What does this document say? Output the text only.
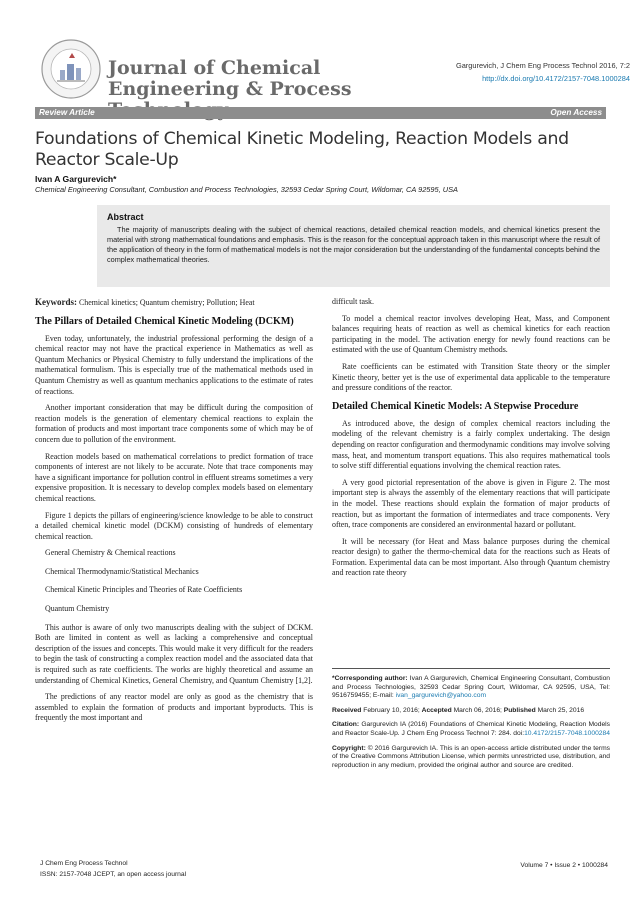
Journal of Chemical Engineering & Process
Gargurevich, J Chem Eng Process Technol 2016, 7:2
http://dx.doi.org/10.4172/2157-7048.1000284
Review Article	Open Access
Foundations of Chemical Kinetic Modeling, Reaction Models and Reactor Scale-Up
Ivan A Gargurevich*
Chemical Engineering Consultant, Combustion and Process Technologies, 32593 Cedar Spring Court, Wildomar, CA 92595, USA
Abstract

The majority of manuscripts dealing with the subject of chemical reactions, detailed chemical reaction models, and chemical kinetics present the material with strong mathematical foundations and emphasis. This is the reason for the conceptual approach taken in this manuscript where the result of the application of theory in the form of mathematical models is not the major consideration but the understanding of the fundamental concepts behind the complex mathematical theories.

Keywords: Chemical kinetics; Quantum chemistry; Pollution; Heat

The Pillars of Detailed Chemical Kinetic Modeling (DCKM)

Even today, unfortunately, the industrial professional performing the design of a chemical reactor may not have the practical experience in Mathematics as well as Quantum Mechanics or Physical Chemistry to fully understand the implications of the mathematical formulism. This is especially true of the mathematical methods used in Quantum Chemistry as well as quantum mechanics applications to the estimate of rates of reactions.

Another important consideration that may be difficult during the composition of reaction models is the generation of elementary chemical reactions to explain the formation of products and most important trace components some of which may be of concern due to pollution of the environment.

Reaction models based on mathematical correlations to predict formation of trace components of interest are not likely to be accurate. Note that trace components may have a significant importance for pollution control in effluent streams sometimes a very expensive proposition. It is necessary to develop complex models based on elementary chemical reactions.

Figure 1 depicts the pillars of engineering/science knowledge to be able to construct a detailed chemical kinetic model (DCKM) consisting of hundreds of elementary chemical reaction.

General Chemistry & Chemical reactions
Chemical Thermodynamic/Statistical Mechanics
Chemical Kinetic Principles and Theories of Rate Coefficients
Quantum Chemistry

This author is aware of only two manuscripts dealing with the subject of DCKM. Both are limited in content as well as lacking a comprehensive and conceptual description of the issues and concepts. This would make it very difficult for the readers to begin the task of constructing a complex reaction model and the associated data that is required such as rate coefficients. The works are highly theoretical and assume an understanding of Chemical Kinetics, General Chemistry, and Quantum Chemistry [1,2].

The predictions of any reactor model are only as good as the chemistry that is assembled to explain the formation of products and important byproducts. This is frequently the most important and

difficult task.

To model a chemical reactor involves developing Heat, Mass, and Component balances requiring heats of reaction as well as chemical kinetics for each reaction participating in the model. The activation energy for newly found reactions can be estimated with the use of Quantum Chemistry methods.

Rate coefficients can be estimated with Transition State theory or the simpler Kinetic theory, better yet is the use of experimental data applicable to the temperature and pressure conditions of the reactor.

Detailed Chemical Kinetic Models: A Stepwise Procedure

As introduced above, the design of complex chemical reactors including the modeling of the relevant chemistry is a fairly complex undertaking. The design depending on reactor configuration and thermodynamic conditions may involve solving mass, heat, and momentum transport equations. This also requires mathematical tools to solve stiff differential equations involving the chemical reaction rates.

A very good pictorial representation of the above is given in Figure 2. The most important step is always the assembly of the elementary reactions that will participate in the model. These reactions should explain the formation of major products of reaction, but as important the formation of intermediates and trace components. Very often, trace components are considered an environmental hazard or pollutant.

It will be necessary (for Heat and Mass balance purposes during the chemical reactor design) to gather the thermo-chemical data for the reactions such as Heats of Formation. Experimental data can be most important. Also through Quantum chemistry and reaction rate theory

*Corresponding author: Ivan A Gargurevich, Chemical Engineering Consultant, Combustion and Process Technologies, 32593 Cedar Spring Court, Wildomar, CA 92595, USA, Tel: 9516759455; E-mail: ivan_gargurevich@yahoo.com

Received February 10, 2016; Accepted March 06, 2016; Published March 25, 2016

Citation: Gargurevich IA (2016) Foundations of Chemical Kinetic Modeling, Reaction Models and Reactor Scale-Up. J Chem Eng Process Technol 7: 284. doi:10.4172/2157-7048.1000284

Copyright: © 2016 Gargurevich IA. This is an open-access article distributed under the terms of the Creative Commons Attribution License, which permits unrestricted use, distribution, and reproduction in any medium, provided the original author and source are credited.

J Chem Eng Process Technol
ISSN: 2157-7048 JCEPT, an open access journal
Volume 7 • Issue 2 • 1000284
